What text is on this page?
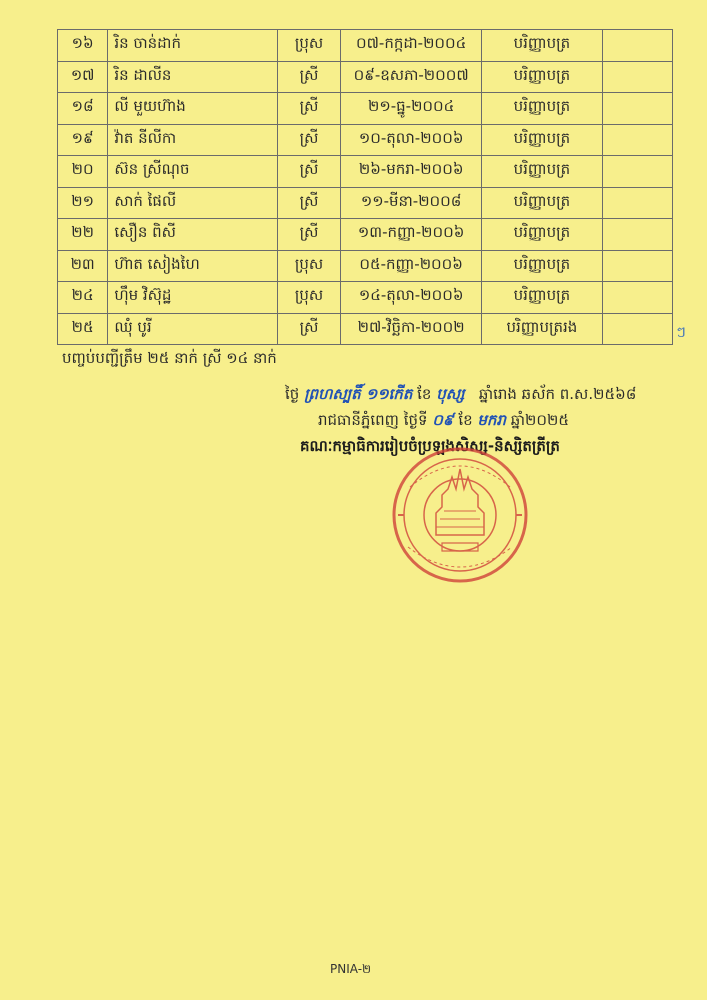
១៦	រិន ចាន់ដាក់	ប្រុស	០៧-កក្កដា-២០០៤	បរិញ្ញាបត្រ	
១៧	រិន ដាលីន	ស្រី	០៩-ឧសភា-២០០៧	បរិញ្ញាបត្រ	
១៨	លី មួយហ៊ាង	ស្រី	២១-ធ្នូ-២០០៤	បរិញ្ញាបត្រ	
១៩	វ៉ាត នីលីកា	ស្រី	១០-តុលា-២០០៦	បរិញ្ញាបត្រ	
២០	ស៊ន ស្រីណុច	ស្រី	២៦-មករា-២០០៦	បរិញ្ញាបត្រ	
២១	សាក់ ផៃលី	ស្រី	១១-មីនា-២០០៨	បរិញ្ញាបត្រ	
២២	សឿន ពិសី	ស្រី	១៣-កញ្ញា-២០០៦	បរិញ្ញាបត្រ	
២៣	ហ៊ាត សៀងហៃ	ប្រុស	០៥-កញ្ញា-២០០៦	បរិញ្ញាបត្រ	
២៤	ហ៊ឹម វិស៊ុដ្ឋ	ប្រុស	១៤-តុលា-២០០៦	បរិញ្ញាបត្រ	
២៥	ឈុំ បូរី	ស្រី	២៧-វិច្ឆិកា-២០០២	បរិញ្ញាបត្ររង		ៗ
បញ្ចប់បញ្ជីត្រឹម ២៥ នាក់ ស្រី ១៤ នាក់
ថ្ងៃ ព្រហស្បតិ៍ ១១កើត ខែ បុស្ស ឆ្នាំរោង ឆស័ក ព.ស.២៥៦៨
រាជធានីភ្នំពេញ ថ្ងៃទី ០៩ ខែ មករា ឆ្នាំ២០២៥
គណៈកម្មាធិការរៀបចំប្រឡងសិស្ស-និស្សិតត្រីត្រ
PNIA-២
